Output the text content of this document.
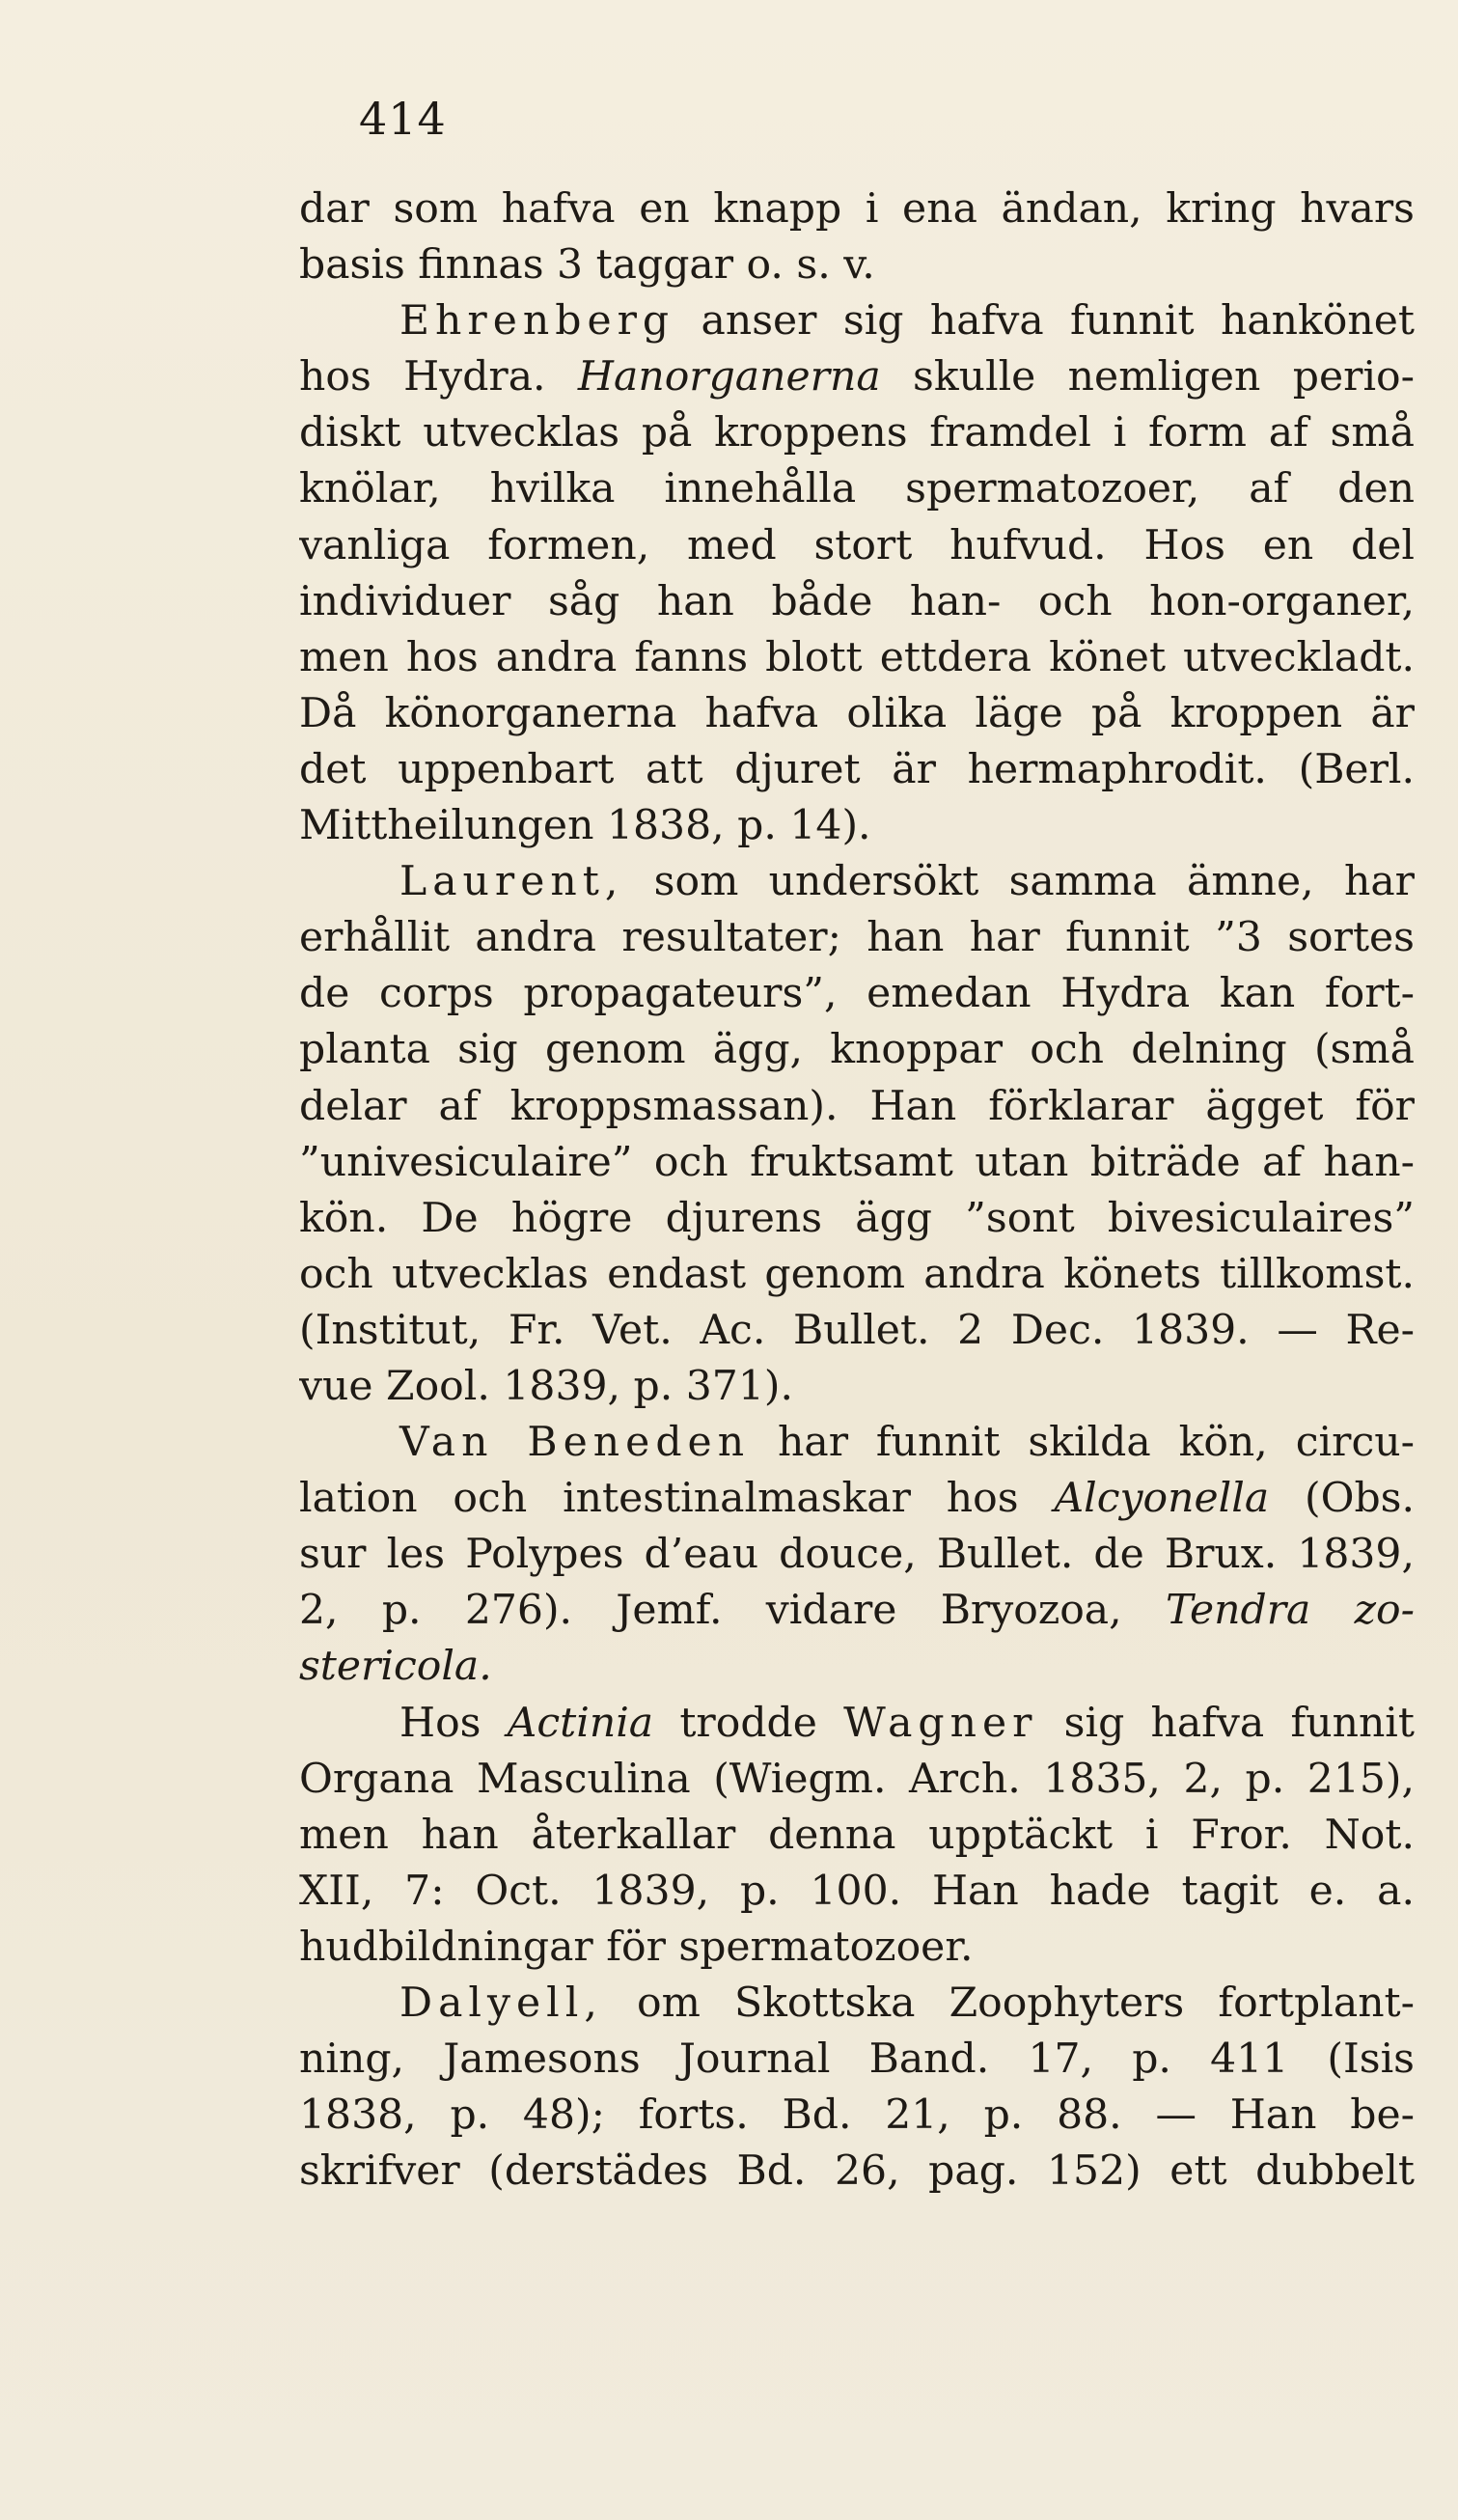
414

dar som hafva en knapp i ena ändan, kring hvars
basis finnas 3 taggar o. s. v.
Ehrenberg anser sig hafva funnit hankönet
hos Hydra. Hanorganerna skulle nemligen perio-
diskt utvecklas på kroppens framdel i form af små
knölar, hvilka innehålla spermatozoer, af den
vanliga formen, med stort hufvud. Hos en del
individuer såg han både han- och hon-organer,
men hos andra fanns blott ettdera könet utveckladt.
Då könorganerna hafva olika läge på kroppen är
det uppenbart att djuret är hermaphrodit. (Berl.
Mittheilungen 1838, p. 14).
Laurent, som undersökt samma ämne, har
erhållit andra resultater; han har funnit ”3 sortes
de corps propagateurs”, emedan Hydra kan fort-
planta sig genom ägg, knoppar och delning (små
delar af kroppsmassan). Han förklarar ägget för
”univesiculaire” och fruktsamt utan biträde af han-
kön. De högre djurens ägg ”sont bivesiculaires”
och utvecklas endast genom andra könets tillkomst.
(Institut, Fr. Vet. Ac. Bullet. 2 Dec. 1839. — Re-
vue Zool. 1839, p. 371).
Van Beneden har funnit skilda kön, circu-
lation och intestinalmaskar hos Alcyonella (Obs.
sur les Polypes d’eau douce, Bullet. de Brux. 1839,
2, p. 276). Jemf. vidare Bryozoa, Tendra zo-
stericola.
Hos Actinia trodde Wagner sig hafva funnit
Organa Masculina (Wiegm. Arch. 1835, 2, p. 215),
men han återkallar denna upptäckt i Fror. Not.
XII, 7: Oct. 1839, p. 100. Han hade tagit e. a.
hudbildningar för spermatozoer.
Dalyell, om Skottska Zoophyters fortplant-
ning, Jamesons Journal Band. 17, p. 411 (Isis
1838, p. 48); forts. Bd. 21, p. 88. — Han be-
skrifver (derstädes Bd. 26, pag. 152) ett dubbelt
